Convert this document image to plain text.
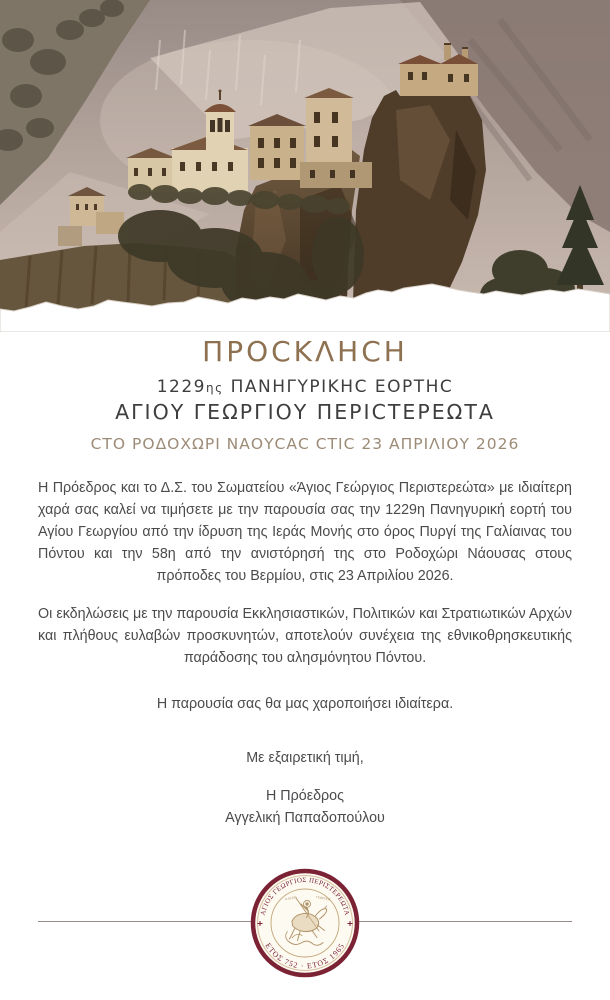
ΠΡΟCΚΛΗCΗ
1229ης ΠΑΝΗΓΥΡΙΚΗC ΕΟΡΤΗC
ΑΓΙΟΥ ΓΕΩΡΓΙΟΥ ΠΕΡΙCΤΕΡΕΩΤΑ
CΤΟ ΡΟΔΟΧΩΡΙ ΝΑΟΥCΑC CΤΙC 23 ΑΠΡΙΛΙΟΥ 2026

Η Πρόεδρος και το Δ.Σ. του Σωματείου «Άγιος Γεώργιος Περιστερεώτα» με ιδιαίτερη χαρά σας καλεί να τιμήσετε με την παρουσία σας την 1229η Πανηγυρική εορτή του Αγίου Γεωργίου από την ίδρυση της Ιεράς Μονής στο όρος Πυργί της Γαλίαινας του Πόντου και την 58η από την ανιστόρησή της στο Ροδοχώρι Νάουσας στους πρόποδες του Βερμίου, στις 23 Απριλίου 2026.

Οι εκδηλώσεις με την παρουσία Εκκλησιαστικών, Πολιτικών και Στρατιωτικών Αρχών και πλήθους ευλαβών προσκυνητών, αποτελούν συνέχεια της εθνικοθρησκευτικής παράδοσης του αλησμόνητου Πόντου.

Η παρουσία σας θα μας χαροποιήσει ιδιαίτερα.

Με εξαιρετική τιμή,

Η Πρόεδρος
Αγγελική Παπαδοπούλου
ΑΓΙΟΣ ΓΕΩΡΓΙΟΣ ΠΕΡΙΣΤΕΡΕΩΤΑ
ΕΤΟΣ 752 · ΕΤΟΣ 1965
Ο ΑΓΙΟΣ	ΓΕΩΡΓΙΟΣ
